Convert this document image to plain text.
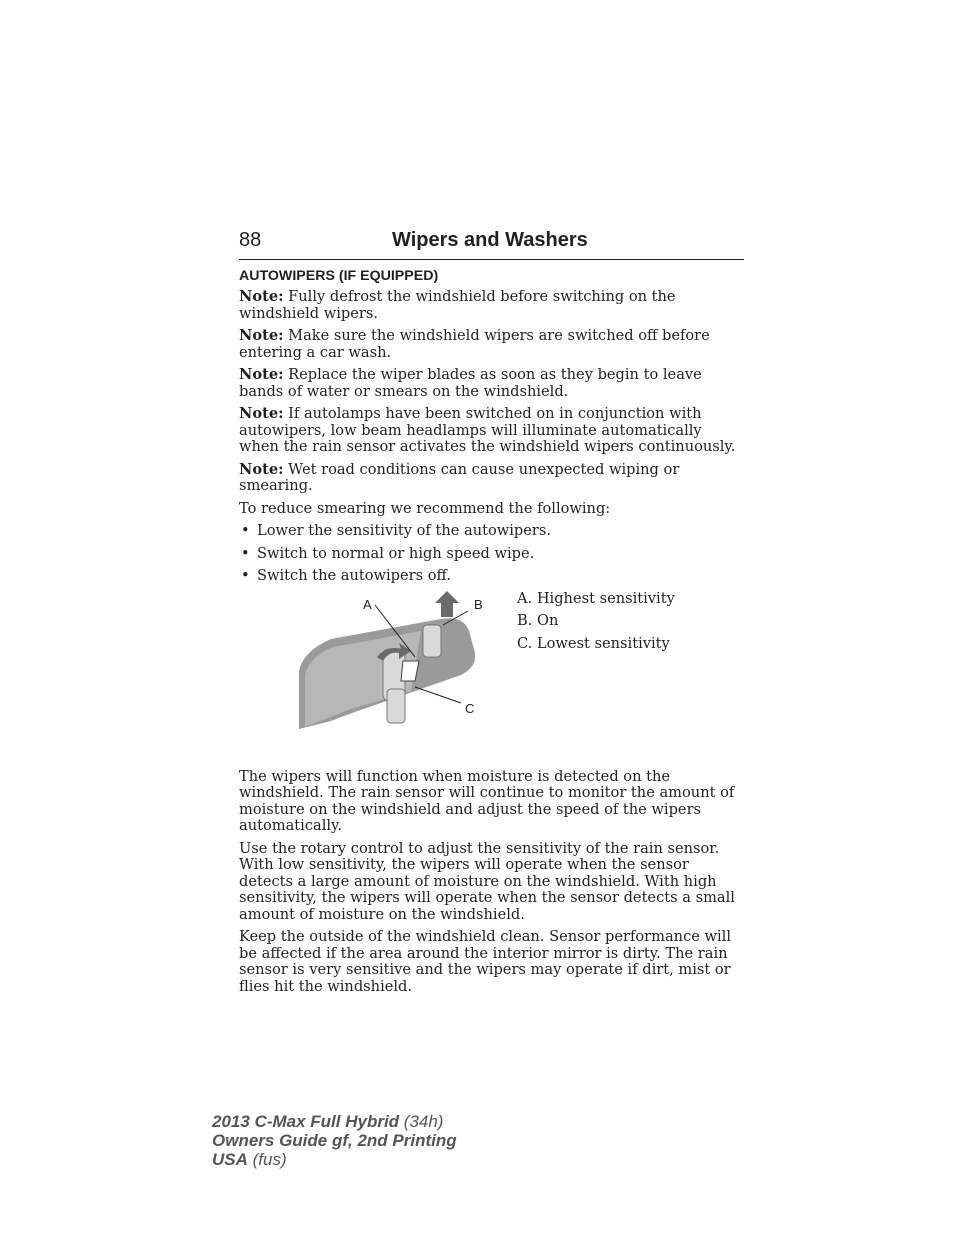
88	Wipers and Washers
AUTOWIPERS (IF EQUIPPED)

Note: Fully defrost the windshield before switching on the windshield wipers.

Note: Make sure the windshield wipers are switched off before entering a car wash.

Note: Replace the wiper blades as soon as they begin to leave bands of water or smears on the windshield.

Note: If autolamps have been switched on in conjunction with autowipers, low beam headlamps will illuminate automatically when the rain sensor activates the windshield wipers continuously.

Note: Wet road conditions can cause unexpected wiping or smearing.

To reduce smearing we recommend the following:

• Lower the sensitivity of the autowipers.
• Switch to normal or high speed wipe.
• Switch the autowipers off.
A	B
C
A. Highest sensitivity
B. On
C. Lowest sensitivity

The wipers will function when moisture is detected on the windshield. The rain sensor will continue to monitor the amount of moisture on the windshield and adjust the speed of the wipers automatically.

Use the rotary control to adjust the sensitivity of the rain sensor. With low sensitivity, the wipers will operate when the sensor detects a large amount of moisture on the windshield. With high sensitivity, the wipers will operate when the sensor detects a small amount of moisture on the windshield.

Keep the outside of the windshield clean. Sensor performance will be affected if the area around the interior mirror is dirty. The rain sensor is very sensitive and the wipers may operate if dirt, mist or flies hit the windshield.

2013 C-Max Full Hybrid (34h)
Owners Guide gf, 2nd Printing
USA (fus)
